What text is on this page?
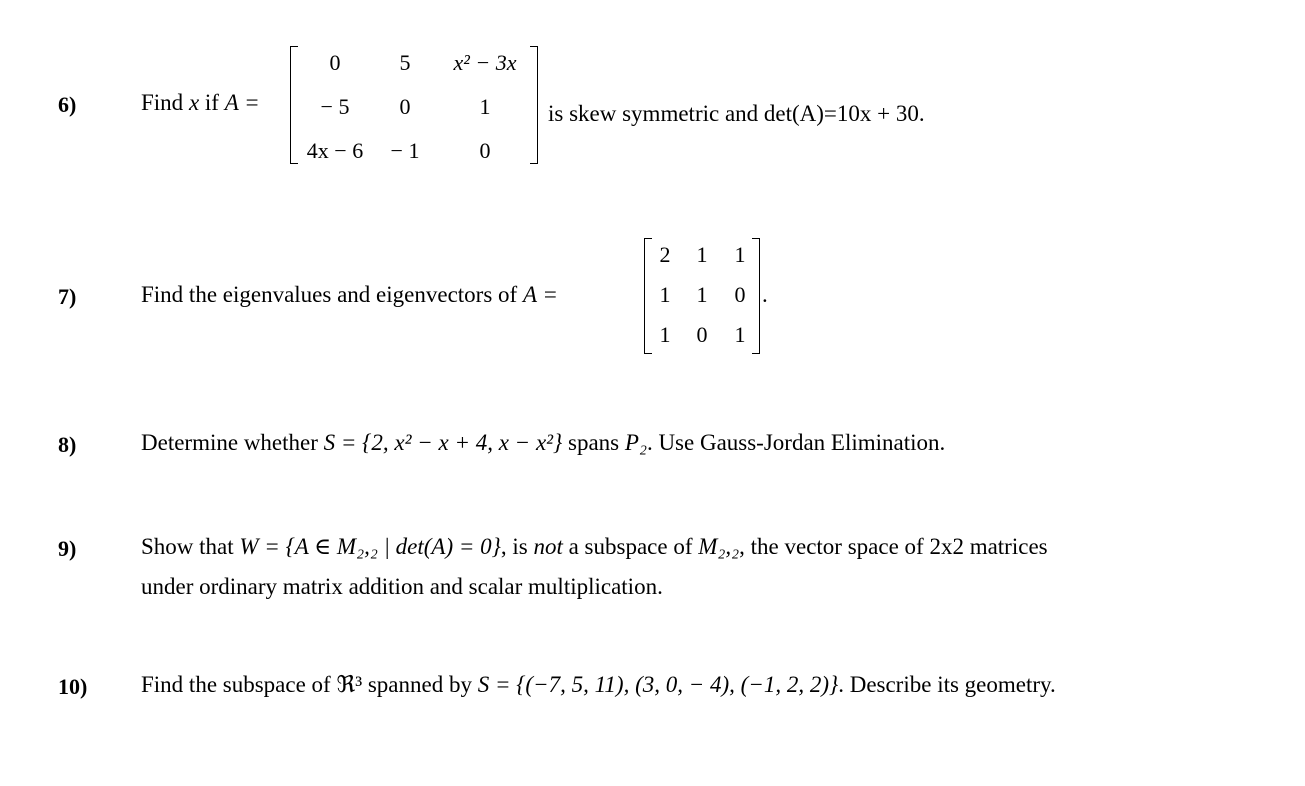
6)	Find x if A =
0	5	x² − 3x
− 5	0	1
4x − 6	− 1	0
is skew symmetric and det(A)=10x + 30.
7)	Find the eigenvalues and eigenvectors of A =
2	1	1
1	1	0
1	0	1
.
8)	Determine whether S = {2, x² − x + 4, x − x²} spans P₂. Use Gauss-Jordan Elimination.
9)	Show that W = {A ∈ M₂,₂ | det(A) = 0}, is not a subspace of M₂,₂, the vector space of 2x2 matrices
under ordinary matrix addition and scalar multiplication.
10) Find the subspace of ℜ³ spanned by S = {(−7, 5, 11), (3, 0, − 4), (−1, 2, 2)}. Describe its geometry.
